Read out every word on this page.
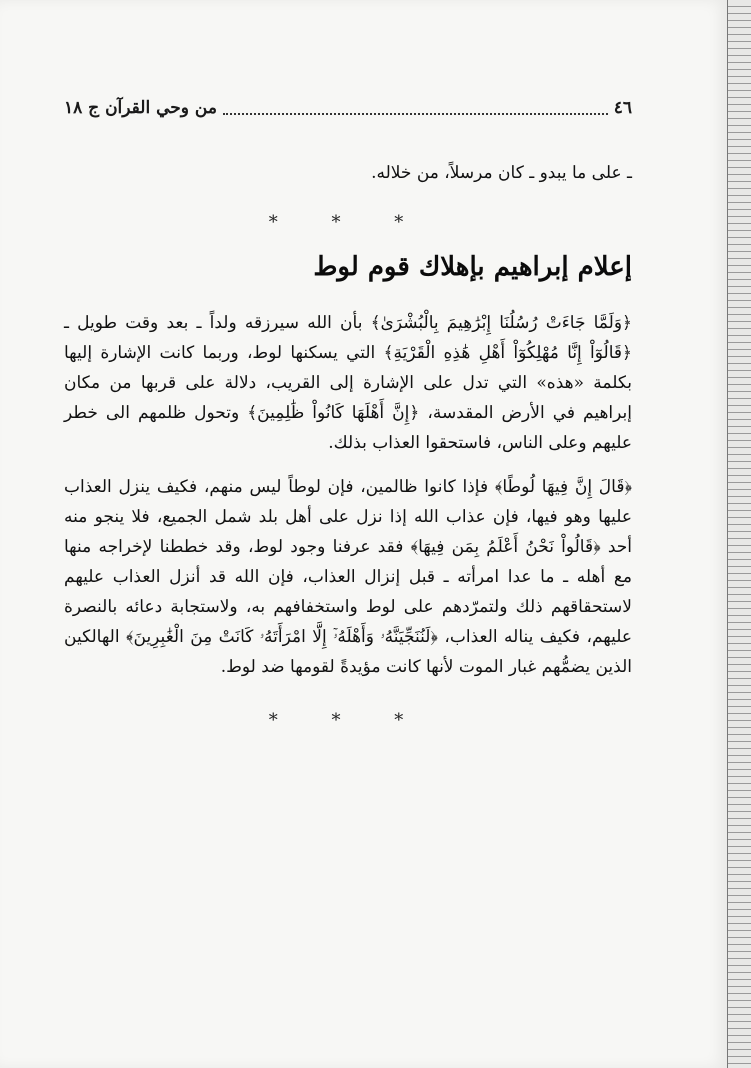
٤٦
من وحي القرآن ج ١٨

ـ على ما يبدو ـ كان مرسلاً، من خلاله.

* * *
إعلام إبراهيم بإهلاك قوم لوط

﴿وَلَمَّا جَاءَتْ رُسُلُنَا إِبْرَٰهِيمَ بِالْبُشْرَىٰ﴾ بأن الله سيرزقه ولداً ـ بعد وقت طويل ـ ﴿قَالُوٓاْ إِنَّا مُهْلِكُوٓاْ أَهْلِ هَٰذِهِ الْقَرْيَةِ﴾ التي يسكنها لوط، وربما كانت الإشارة إليها بكلمة «هذه» التي تدل على الإشارة إلى القريب، دلالة على قربها من مكان إبراهيم في الأرض المقدسة، ﴿إِنَّ أَهْلَهَا كَانُواْ ظَٰلِمِينَ﴾ وتحول ظلمهم الى خطر عليهم وعلى الناس، فاستحقوا العذاب بذلك.

﴿قَالَ إِنَّ فِيهَا لُوطًا﴾ فإذا كانوا ظالمين، فإن لوطاً ليس منهم، فكيف ينزل العذاب عليها وهو فيها، فإن عذاب الله إذا نزل على أهل بلد شمل الجميع، فلا ينجو منه أحد ﴿قَالُواْ نَحْنُ أَعْلَمُ بِمَن فِيهَا﴾ فقد عرفنا وجود لوط، وقد خططنا لإخراجه منها مع أهله ـ ما عدا امرأته ـ قبل إنزال العذاب، فإن الله قد أنزل العذاب عليهم لاستحقاقهم ذلك ولتمرّدهم على لوط واستخفافهم به، ولاستجابة دعائه بالنصرة عليهم، فكيف يناله العذاب، ﴿لَنُنَجِّيَنَّهُۥ وَأَهْلَهُۥٓ إِلَّا امْرَأَتَهُۥ كَانَتْ مِنَ الْغَٰبِرِينَ﴾ الهالكين الذين يضمُّهم غبار الموت لأنها كانت مؤيدةً لقومها ضد لوط.

* * *
